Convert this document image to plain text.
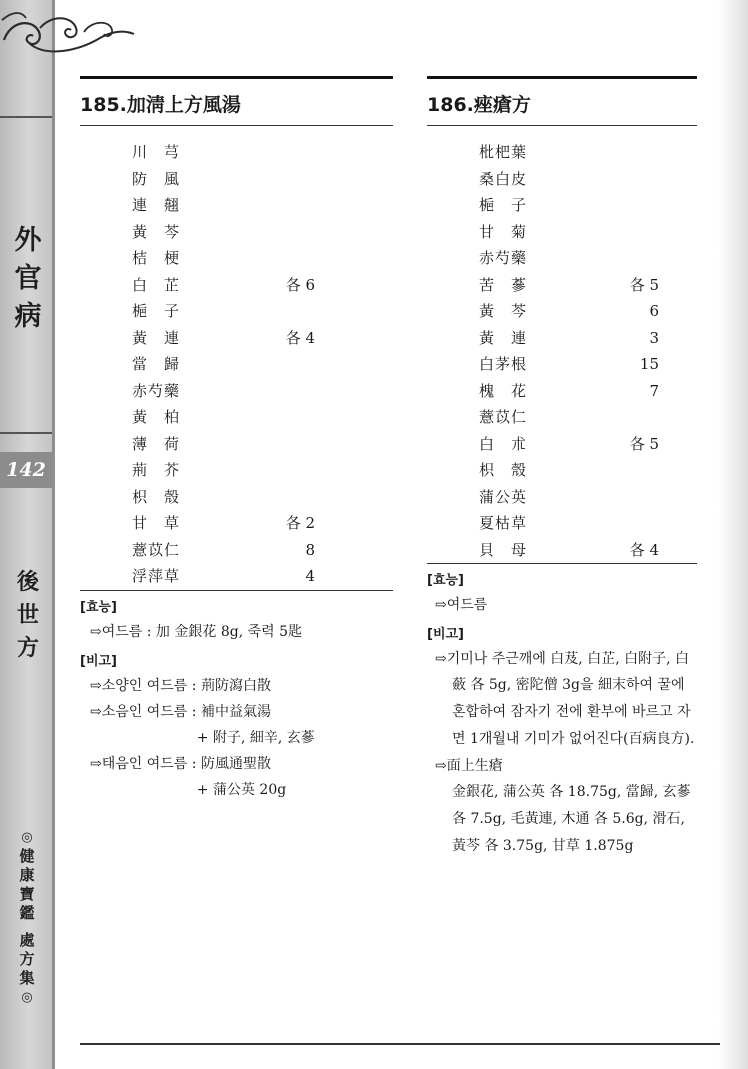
外
官
病
142
後
世
方
◎
健
康
寶
鑑
處
方
集
◎
185.加淸上方風湯
川　芎
防　風
連　翹
黃　芩
桔　梗
白　芷	各 6
梔　子
黃　連	各 4
當　歸
赤芍藥
黃　柏
薄　荷
荊　芥
枳　殼
甘　草	各 2
薏苡仁	8
浮萍草	4
[효능]
⇨여드름 : 加 金銀花 8g, 죽력 5匙
[비고]
⇨소양인 여드름 : 荊防瀉白散
⇨소음인 여드름 : 補中益氣湯
+ 附子, 細辛, 玄蔘
⇨태음인 여드름 : 防風通聖散
+ 蒲公英 20g
186.痤瘡方
枇杷葉
桑白皮
梔　子
甘　菊
赤芍藥
苦　蔘	各 5
黃　芩	6
黃　連	3
白茅根	15
槐　花	7
薏苡仁
白　朮	各 5
枳　殼
蒲公英
夏枯草
貝　母	各 4
[효능]
⇨여드름
[비고]
⇨기미나 주근깨에 白芨, 白芷, 白附子, 白
蘞 各 5g, 密陀僧 3g을 細末하여 꿀에 혼합하여 잠자기 전에 환부에 바르고 자면 1개월내 기미가 없어진다(百病良方).
⇨面上生瘡
金銀花, 蒲公英 各 18.75g, 當歸, 玄蔘 各 7.5g, 毛黃連, 木通 各 5.6g, 滑石, 黃芩 各 3.75g, 甘草 1.875g
